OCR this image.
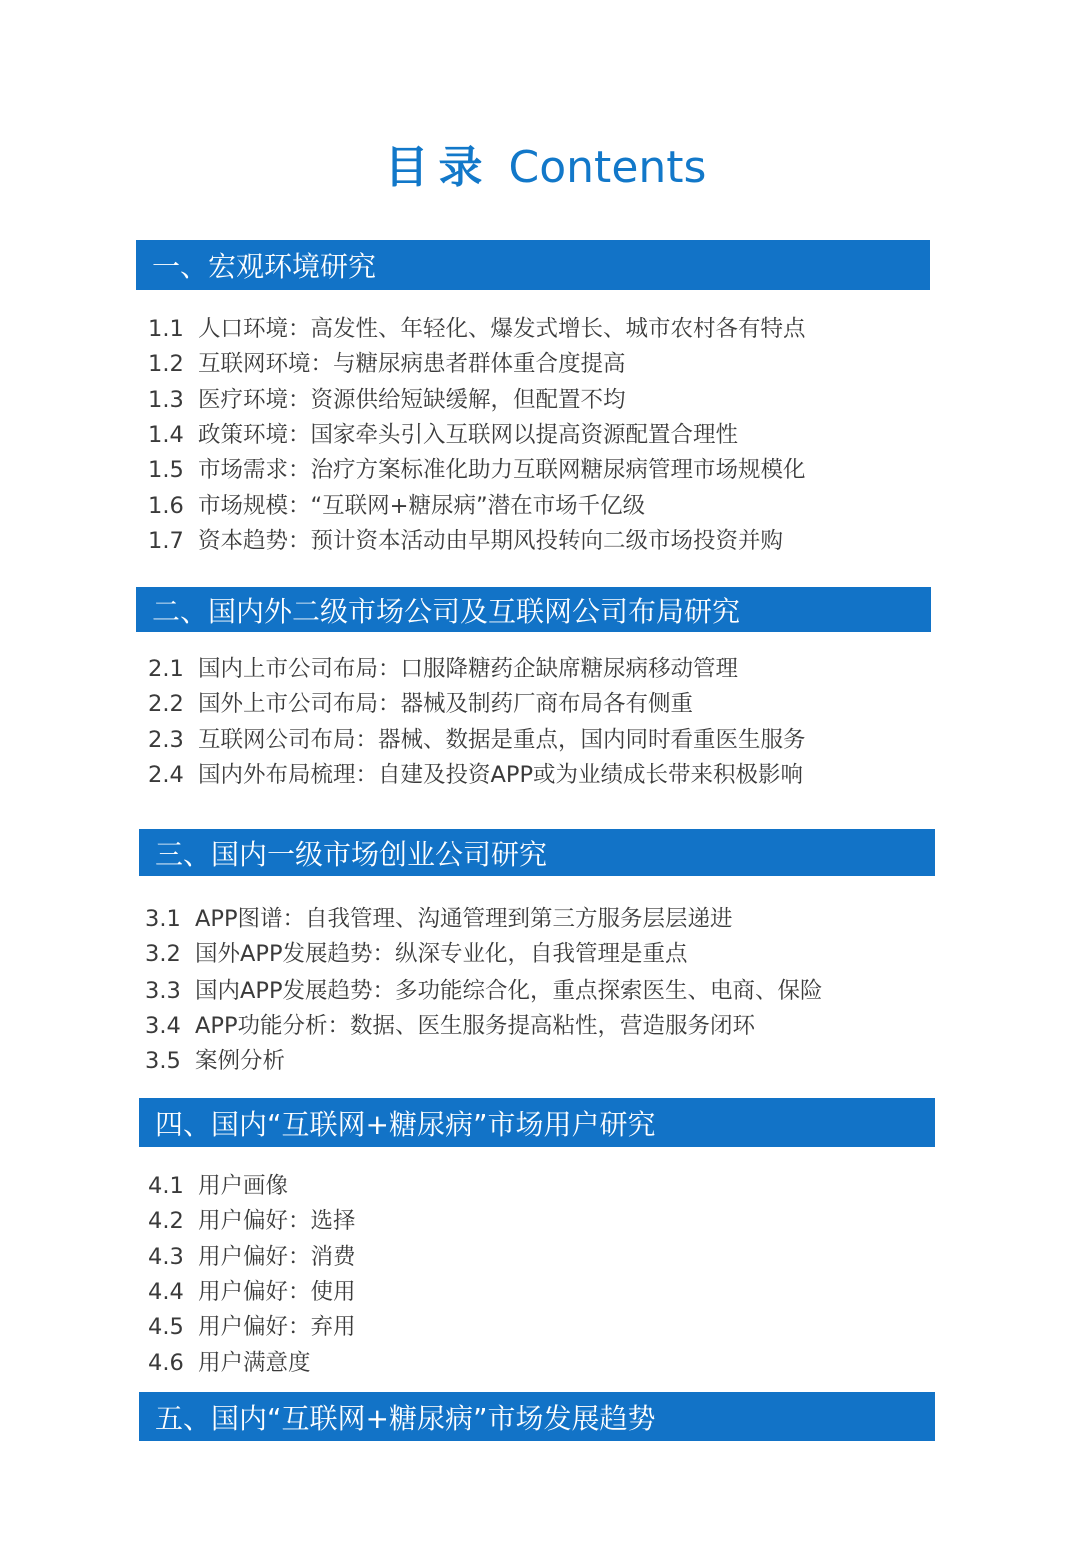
目录 Contents
一、宏观环境研究
1.1 人口环境：高发性、年轻化、爆发式增长、城市农村各有特点
1.2 互联网环境：与糖尿病患者群体重合度提高
1.3 医疗环境：资源供给短缺缓解，但配置不均
1.4 政策环境：国家牵头引入互联网以提高资源配置合理性
1.5 市场需求：治疗方案标准化助力互联网糖尿病管理市场规模化
1.6 市场规模：“互联网+糖尿病”潜在市场千亿级
1.7 资本趋势：预计资本活动由早期风投转向二级市场投资并购
二、国内外二级市场公司及互联网公司布局研究
2.1 国内上市公司布局：口服降糖药企缺席糖尿病移动管理
2.2 国外上市公司布局：器械及制药厂商布局各有侧重
2.3 互联网公司布局：器械、数据是重点，国内同时看重医生服务
2.4 国内外布局梳理：自建及投资APP或为业绩成长带来积极影响
三、国内一级市场创业公司研究
3.1 APP图谱：自我管理、沟通管理到第三方服务层层递进
3.2 国外APP发展趋势：纵深专业化，自我管理是重点
3.3 国内APP发展趋势：多功能综合化，重点探索医生、电商、保险
3.4 APP功能分析：数据、医生服务提高粘性，营造服务闭环
3.5 案例分析
四、国内“互联网+糖尿病”市场用户研究
4.1 用户画像
4.2 用户偏好：选择
4.3 用户偏好：消费
4.4 用户偏好：使用
4.5 用户偏好：弃用
4.6 用户满意度
五、国内“互联网+糖尿病”市场发展趋势
